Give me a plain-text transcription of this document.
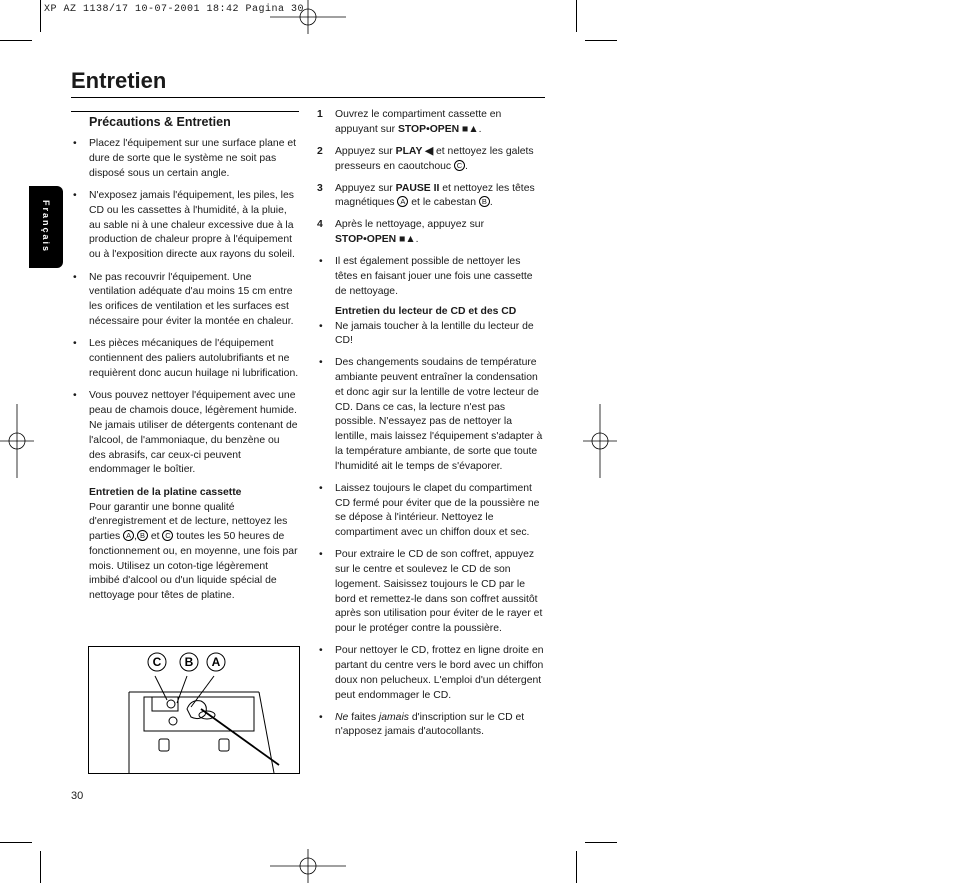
XP AZ 1138/17 10-07-2001 18:42 Pagina 30
Entretien
Français
Précautions & Entretien
• Placez l'équipement sur une surface plane et dure de sorte que le système ne soit pas disposé sous un certain angle.
• N'exposez jamais l'équipement, les piles, les CD ou les cassettes à l'humidité, à la pluie, au sable ni à une chaleur excessive due à la production de chaleur propre à l'équipement ou à l'exposition directe aux rayons du soleil.
• Ne pas recouvrir l'équipement. Une ventilation adéquate d'au moins 15 cm entre les orifices de ventilation et les surfaces est nécessaire pour éviter la montée en chaleur.
• Les pièces mécaniques de l'équipement contiennent des paliers autolubrifiants et ne requièrent donc aucun huilage ni lubrification.
• Vous pouvez nettoyer l'équipement avec une peau de chamois douce, légèrement humide. Ne jamais utiliser de détergents contenant de l'alcool, de l'ammoniaque, du benzène ou des abrasifs, car ceux-ci peuvent endommager le boîtier.
Entretien de la platine cassette
Pour garantir une bonne qualité d'enregistrement et de lecture, nettoyez les parties A , B et C toutes les 50 heures de fonctionnement ou, en moyenne, une fois par mois. Utilisez un coton-tige légèrement imbibé d'alcool ou d'un liquide spécial de nettoyage pour têtes de platine.
C B A
30
1 Ouvrez le compartiment cassette en appuyant sur STOP•OPEN ■▲.
2 Appuyez sur PLAY ◀ et nettoyez les galets presseurs en caoutchouc C .
3 Appuyez sur PAUSE II et nettoyez les têtes magnétiques A et le cabestan B .
4 Après le nettoyage, appuyez sur STOP•OPEN ■▲.
• Il est également possible de nettoyer les têtes en faisant jouer une fois une cassette de nettoyage.
Entretien du lecteur de CD et des CD
• Ne jamais toucher à la lentille du lecteur de CD!
• Des changements soudains de température ambiante peuvent entraîner la condensation et donc agir sur la lentille de votre lecteur de CD. Dans ce cas, la lecture n'est pas possible. N'essayez pas de nettoyer la lentille, mais laissez l'équipement s'adapter à la température ambiante, de sorte que toute l'humidité ait le temps de s'évaporer.
• Laissez toujours le clapet du compartiment CD fermé pour éviter que de la poussière ne se dépose à l'intérieur. Nettoyez le compartiment avec un chiffon doux et sec.
• Pour extraire le CD de son coffret, appuyez sur le centre et soulevez le CD de son logement. Saisissez toujours le CD par le bord et remettez-le dans son coffret aussitôt après son utilisation pour éviter de le rayer et pour le protéger contre la poussière.
• Pour nettoyer le CD, frottez en ligne droite en partant du centre vers le bord avec un chiffon doux non pelucheux. L'emploi d'un détergent peut endommager le CD.
• Ne faites jamais d'inscription sur le CD et n'apposez jamais d'autocollants.
